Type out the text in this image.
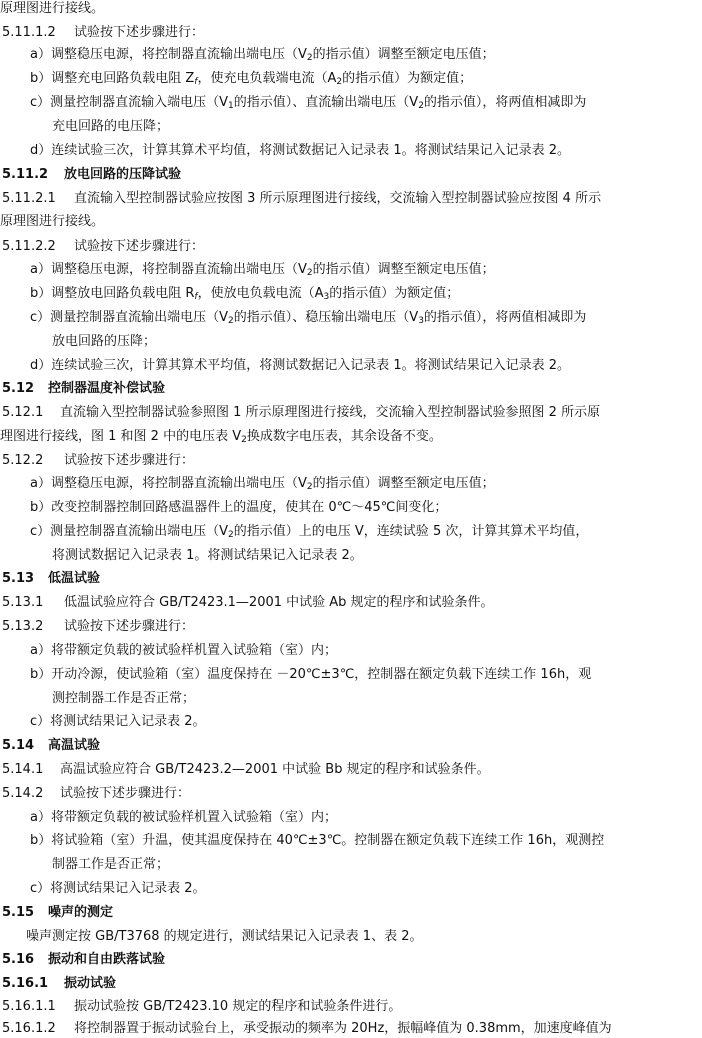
原理图进行接线。
5.11.1.2 试验按下述步骤进行：
a）调整稳压电源，将控制器直流输出端电压（$V_2$的指示值）调整至额定电压值；
b）调整充电回路负载电阻 $Z_f$，使充电负载端电流（$A_2$的指示值）为额定值；
c）测量控制器直流输入端电压（$V_1$的指示值）、直流输出端电压（$V_2$的指示值），将两值相减即为
充电回路的电压降；
d）连续试验三次，计算其算术平均值，将测试数据记入记录表 1。将测试结果记入记录表 2。
5.11.2 放电回路的压降试验
5.11.2.1 直流输入型控制器试验应按图 3 所示原理图进行接线，交流输入型控制器试验应按图 4 所示
原理图进行接线。
5.11.2.2 试验按下述步骤进行：
a）调整稳压电源，将控制器直流输出端电压（$V_2$的指示值）调整至额定电压值；
b）调整放电回路负载电阻 $R_f$，使放电负载电流（$A_3$的指示值）为额定值；
c）测量控制器直流输出端电压（$V_2$的指示值）、稳压输出端电压（$V_3$的指示值），将两值相减即为
放电回路的压降；
d）连续试验三次，计算其算术平均值，将测试数据记入记录表 1。将测试结果记入记录表 2。
5.12 控制器温度补偿试验
5.12.1 直流输入型控制器试验参照图 1 所示原理图进行接线，交流输入型控制器试验参照图 2 所示原
理图进行接线，图 1 和图 2 中的电压表 $V_2$换成数字电压表，其余设备不变。
5.12.2 试验按下述步骤进行：
a）调整稳压电源，将控制器直流输出端电压（$V_2$的指示值）调整至额定电压值；
b）改变控制器控制回路感温器件上的温度，使其在 0℃～45℃间变化；
c）测量控制器直流输出端电压（$V_2$的指示值）上的电压 V，连续试验 5 次，计算其算术平均值，
将测试数据记入记录表 1。将测试结果记入记录表 2。
5.13 低温试验
5.13.1 低温试验应符合 GB/T2423.1—2001 中试验 Ab 规定的程序和试验条件。
5.13.2 试验按下述步骤进行：
a）将带额定负载的被试验样机置入试验箱（室）内；
b）开动冷源，使试验箱（室）温度保持在 －20℃±3℃，控制器在额定负载下连续工作 16h，观
测控制器工作是否正常；
c）将测试结果记入记录表 2。
5.14 高温试验
5.14.1 高温试验应符合 GB/T2423.2—2001 中试验 Bb 规定的程序和试验条件。
5.14.2 试验按下述步骤进行：
a）将带额定负载的被试验样机置入试验箱（室）内；
b）将试验箱（室）升温，使其温度保持在 40℃±3℃。控制器在额定负载下连续工作 16h，观测控
制器工作是否正常；
c）将测试结果记入记录表 2。
5.15 噪声的测定
噪声测定按 GB/T3768 的规定进行，测试结果记入记录表 1、表 2。
5.16 振动和自由跌落试验
5.16.1 振动试验
5.16.1.1 振动试验按 GB/T2423.10 规定的程序和试验条件进行。
5.16.1.2 将控制器置于振动试验台上，承受振动的频率为 20Hz，振幅峰值为 0.38mm，加速度峰值为
